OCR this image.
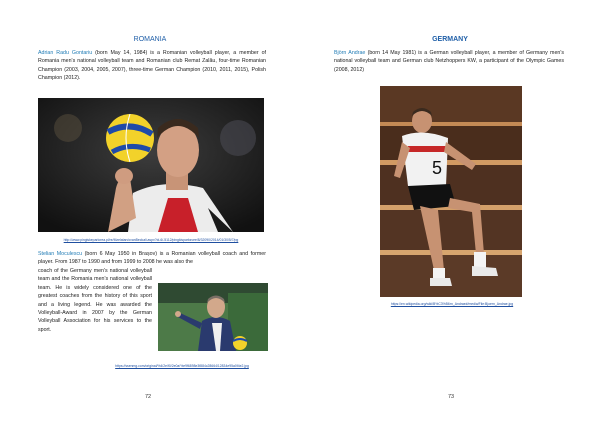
ROMANIA

Adrian Radu Gontariu (born May 14, 1984) is a Romanian volleyball player, a member of Romania men's national volleyball team and Romanian club Remat Zalău, four-time Romanian Champion (2003, 2004, 2005, 2007), three-time German Champion (2010, 2011, 2015), Polish Champion (2012).

http://www.pingiskeparlorea.pl/re/Mzelatan/ovanBeckali.aspx?id-6/-5112/pingkisparksvee/8/32090/2014/01/30/5/7/pg

Stelian Moculescu (born 6 May 1950 in Brașov) is a Romanian volleyball coach and former player. From 1987 to 1990 and from 1999 to 2008 he was also the

coach of the Germany men's national volleyball team and the Romania men's national volleyball team. He is widely considered one of the greatest coaches from the history of this sport and a living legend. He was awarded the Volleyball-Award in 2007 by the German Volleyball Association for his services to the sport.

https://ssenmg.com/original/%4/2e/f0/2e0a/%e9f6898e3f884c28664/12834e95a0f4e2.jpg
72
GERMANY

Björn Andrae (born 14 May 1981) is a German volleyball player, a member of Germany men's national volleyball team and German club Netzhoppers KW, a participant of the Olympic Games (2008, 2012)

5
https://en.wikipedia.org/wiki/B%C3%B6rn_Andrae#/media/File:Bjoern_Andrae.jpg
73
